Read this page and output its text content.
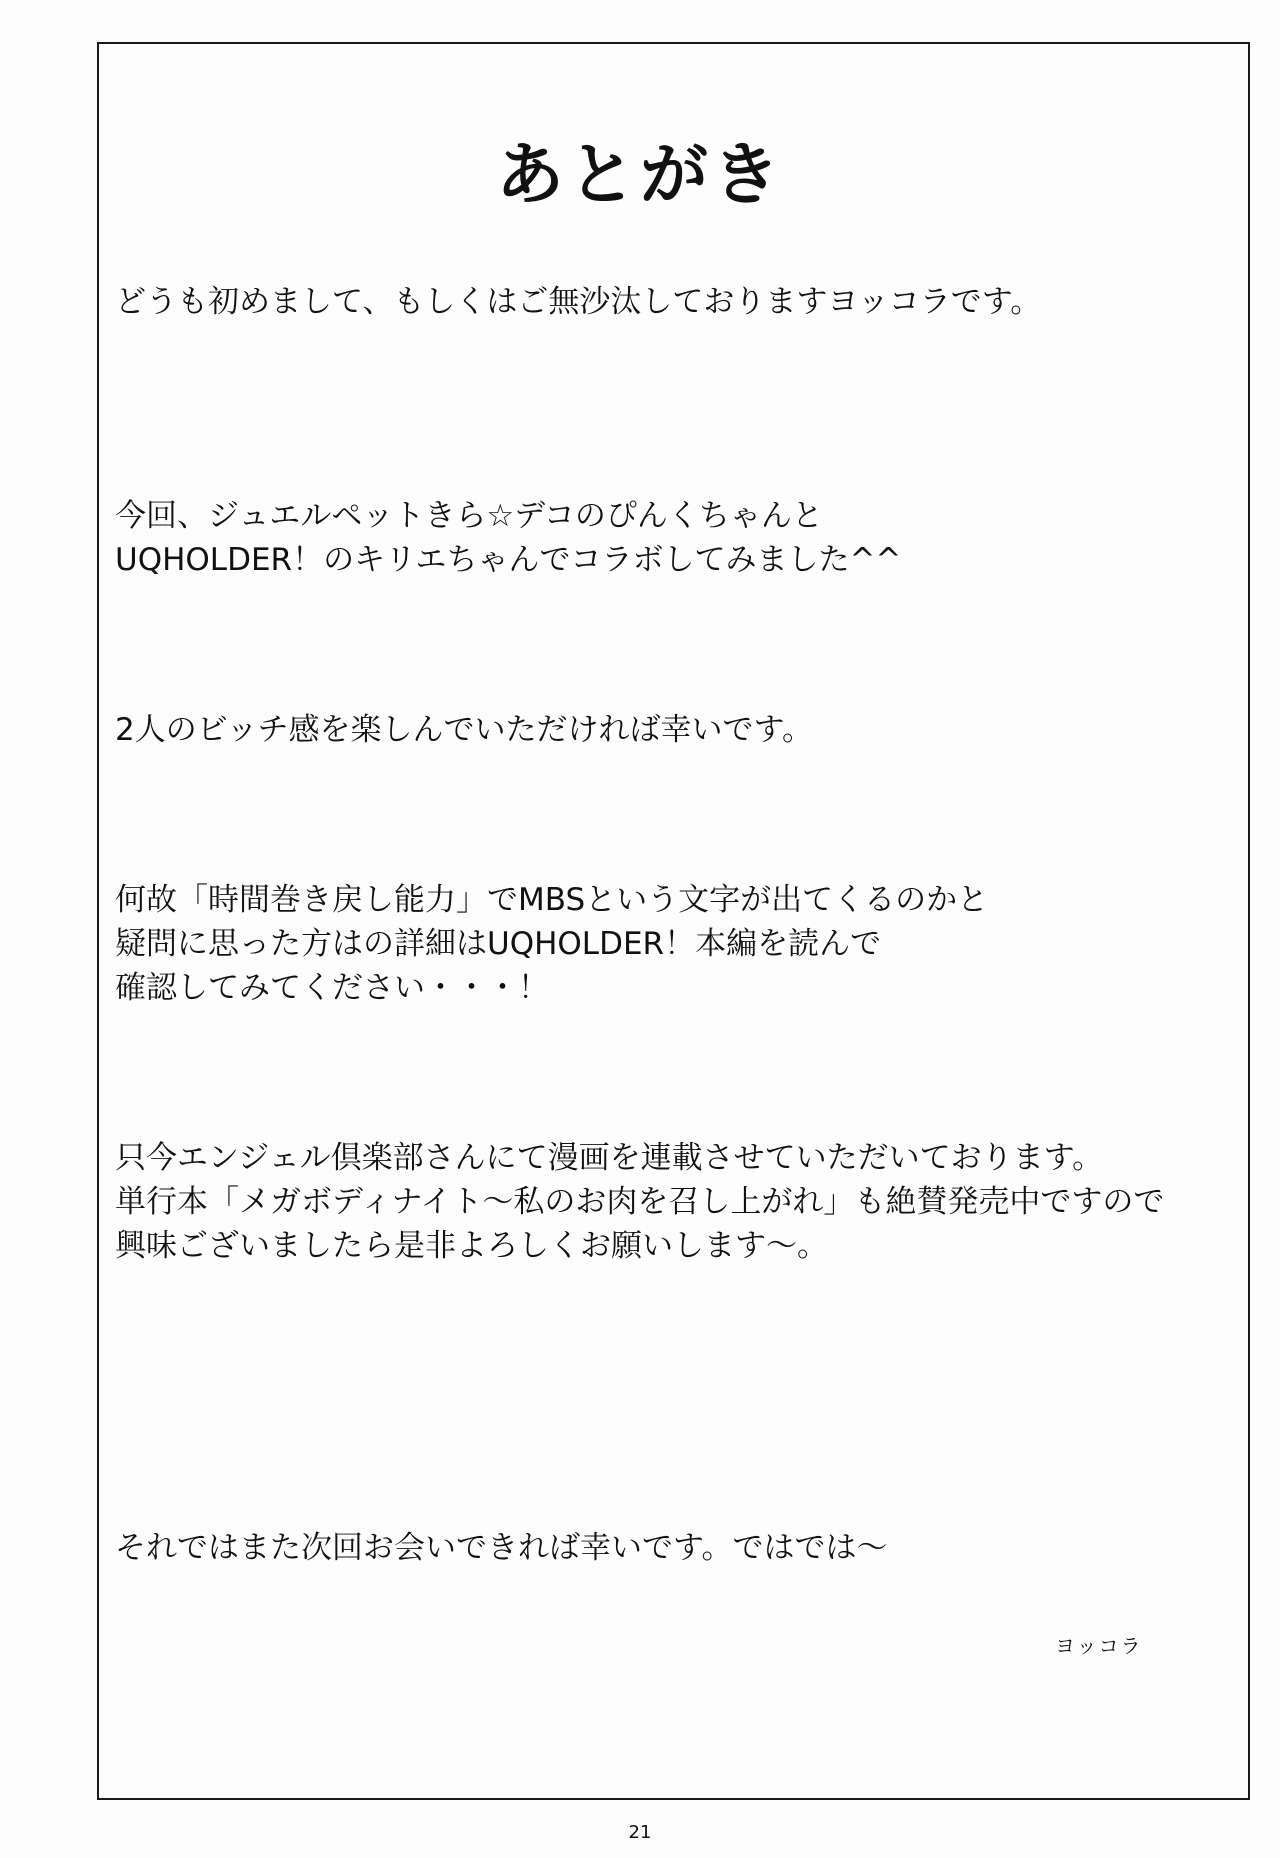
あとがき

どうも初めまして、もしくはご無沙汰しておりますヨッコラです。

今回、ジュエルペットきら☆デコのぴんくちゃんと
UQHOLDER！のキリエちゃんでコラボしてみました^^

2人のビッチ感を楽しんでいただければ幸いです。

何故「時間巻き戻し能力」でMBSという文字が出てくるのかと
疑問に思った方はの詳細はUQHOLDER！本編を読んで
確認してみてください・・・！

只今エンジェル倶楽部さんにて漫画を連載させていただいております。
単行本「メガボディナイト～私のお肉を召し上がれ」も絶賛発売中ですので
興味ございましたら是非よろしくお願いします～。

それではまた次回お会いできれば幸いです。ではでは～

ヨッコラ
21
